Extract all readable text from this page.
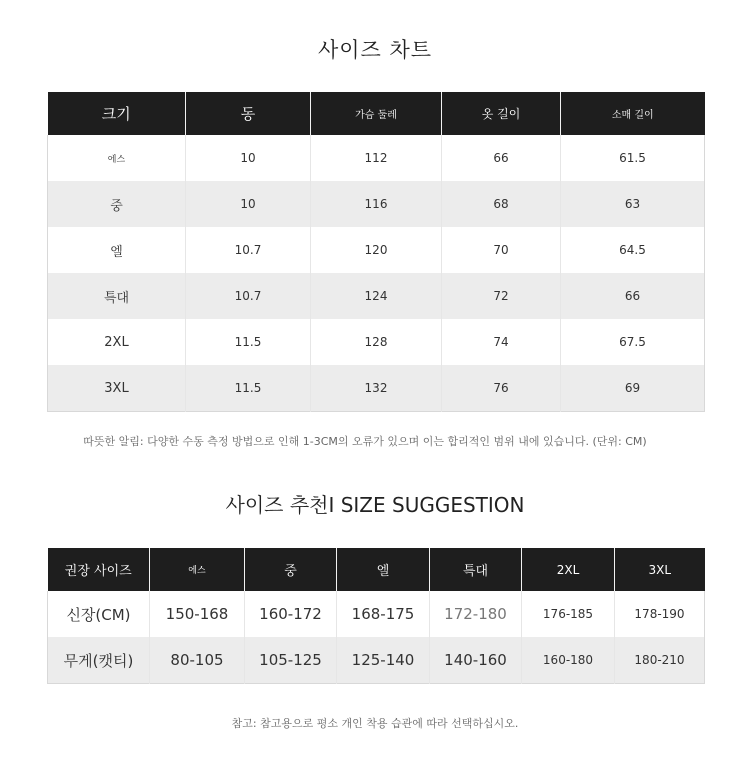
사이즈 차트
크기	동	가슴 둘레	옷 길이	소매 길이
에스	10	112	66	61.5
중	10	116	68	63
엘	10.7	120	70	64.5
특대	10.7	124	72	66
2XL	11.5	128	74	67.5
3XL	11.5	132	76	69
따뜻한 알림: 다양한 수동 측정 방법으로 인해 1-3CM의 오류가 있으며 이는 합리적인 범위 내에 있습니다. (단위: CM)
사이즈 추천I SIZE SUGGESTION
권장 사이즈	에스	중	엘	특대	2XL	3XL
신장(CM)	150-168	160-172	168-175	172-180	176-185	178-190
무게(캣티)	80-105	105-125	125-140	140-160	160-180	180-210
참고: 참고용으로 평소 개인 착용 습관에 따라 선택하십시오.
